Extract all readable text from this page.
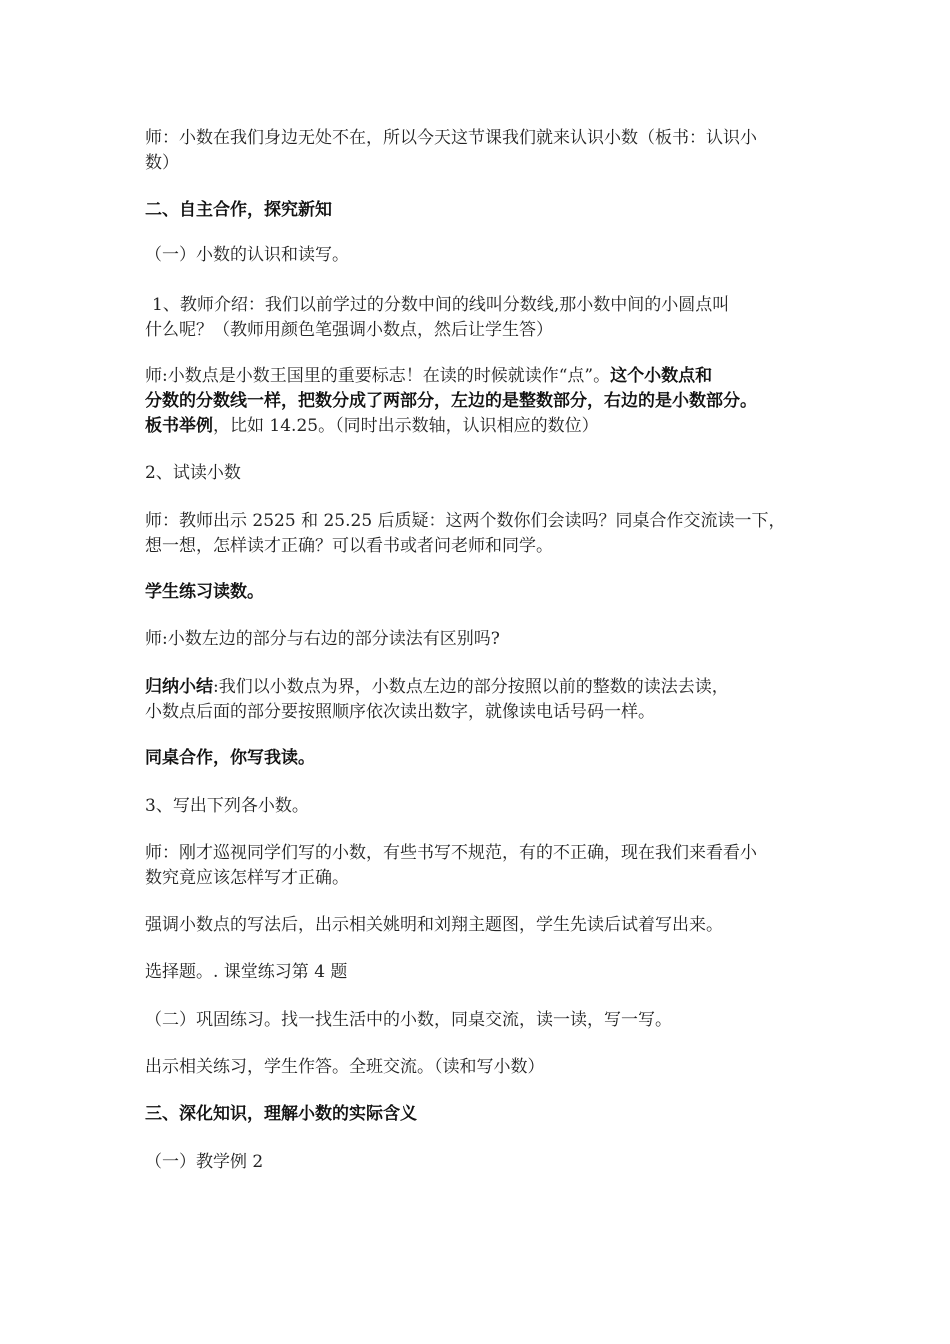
师：小数在我们身边无处不在，所以今天这节课我们就来认识小数（板书：认识小

数）

二、自主合作，探究新知

（一）小数的认识和读写。

1、教师介绍：我们以前学过的分数中间的线叫分数线,那小数中间的小圆点叫

什么呢？（教师用颜色笔强调小数点，然后让学生答）

师:小数点是小数王国里的重要标志！在读的时候就读作“点”。这个小数点和

分数的分数线一样，把数分成了两部分，左边的是整数部分，右边的是小数部分。

板书举例，比如 14.25。（同时出示数轴，认识相应的数位）

2、试读小数

师：教师出示 2525 和 25.25 后质疑：这两个数你们会读吗？同桌合作交流读一下，

想一想，怎样读才正确？可以看书或者问老师和同学。

学生练习读数。

师:小数左边的部分与右边的部分读法有区别吗?

归纳小结:我们以小数点为界，小数点左边的部分按照以前的整数的读法去读，

小数点后面的部分要按照顺序依次读出数字，就像读电话号码一样。

同桌合作，你写我读。

3、写出下列各小数。

师：刚才巡视同学们写的小数，有些书写不规范，有的不正确，现在我们来看看小

数究竟应该怎样写才正确。

强调小数点的写法后，出示相关姚明和刘翔主题图，学生先读后试着写出来。

选择题。. 课堂练习第 4 题

（二）巩固练习。找一找生活中的小数，同桌交流，读一读，写一写。

出示相关练习，学生作答。全班交流。（读和写小数）

三、深化知识，理解小数的实际含义

（一）教学例 2
